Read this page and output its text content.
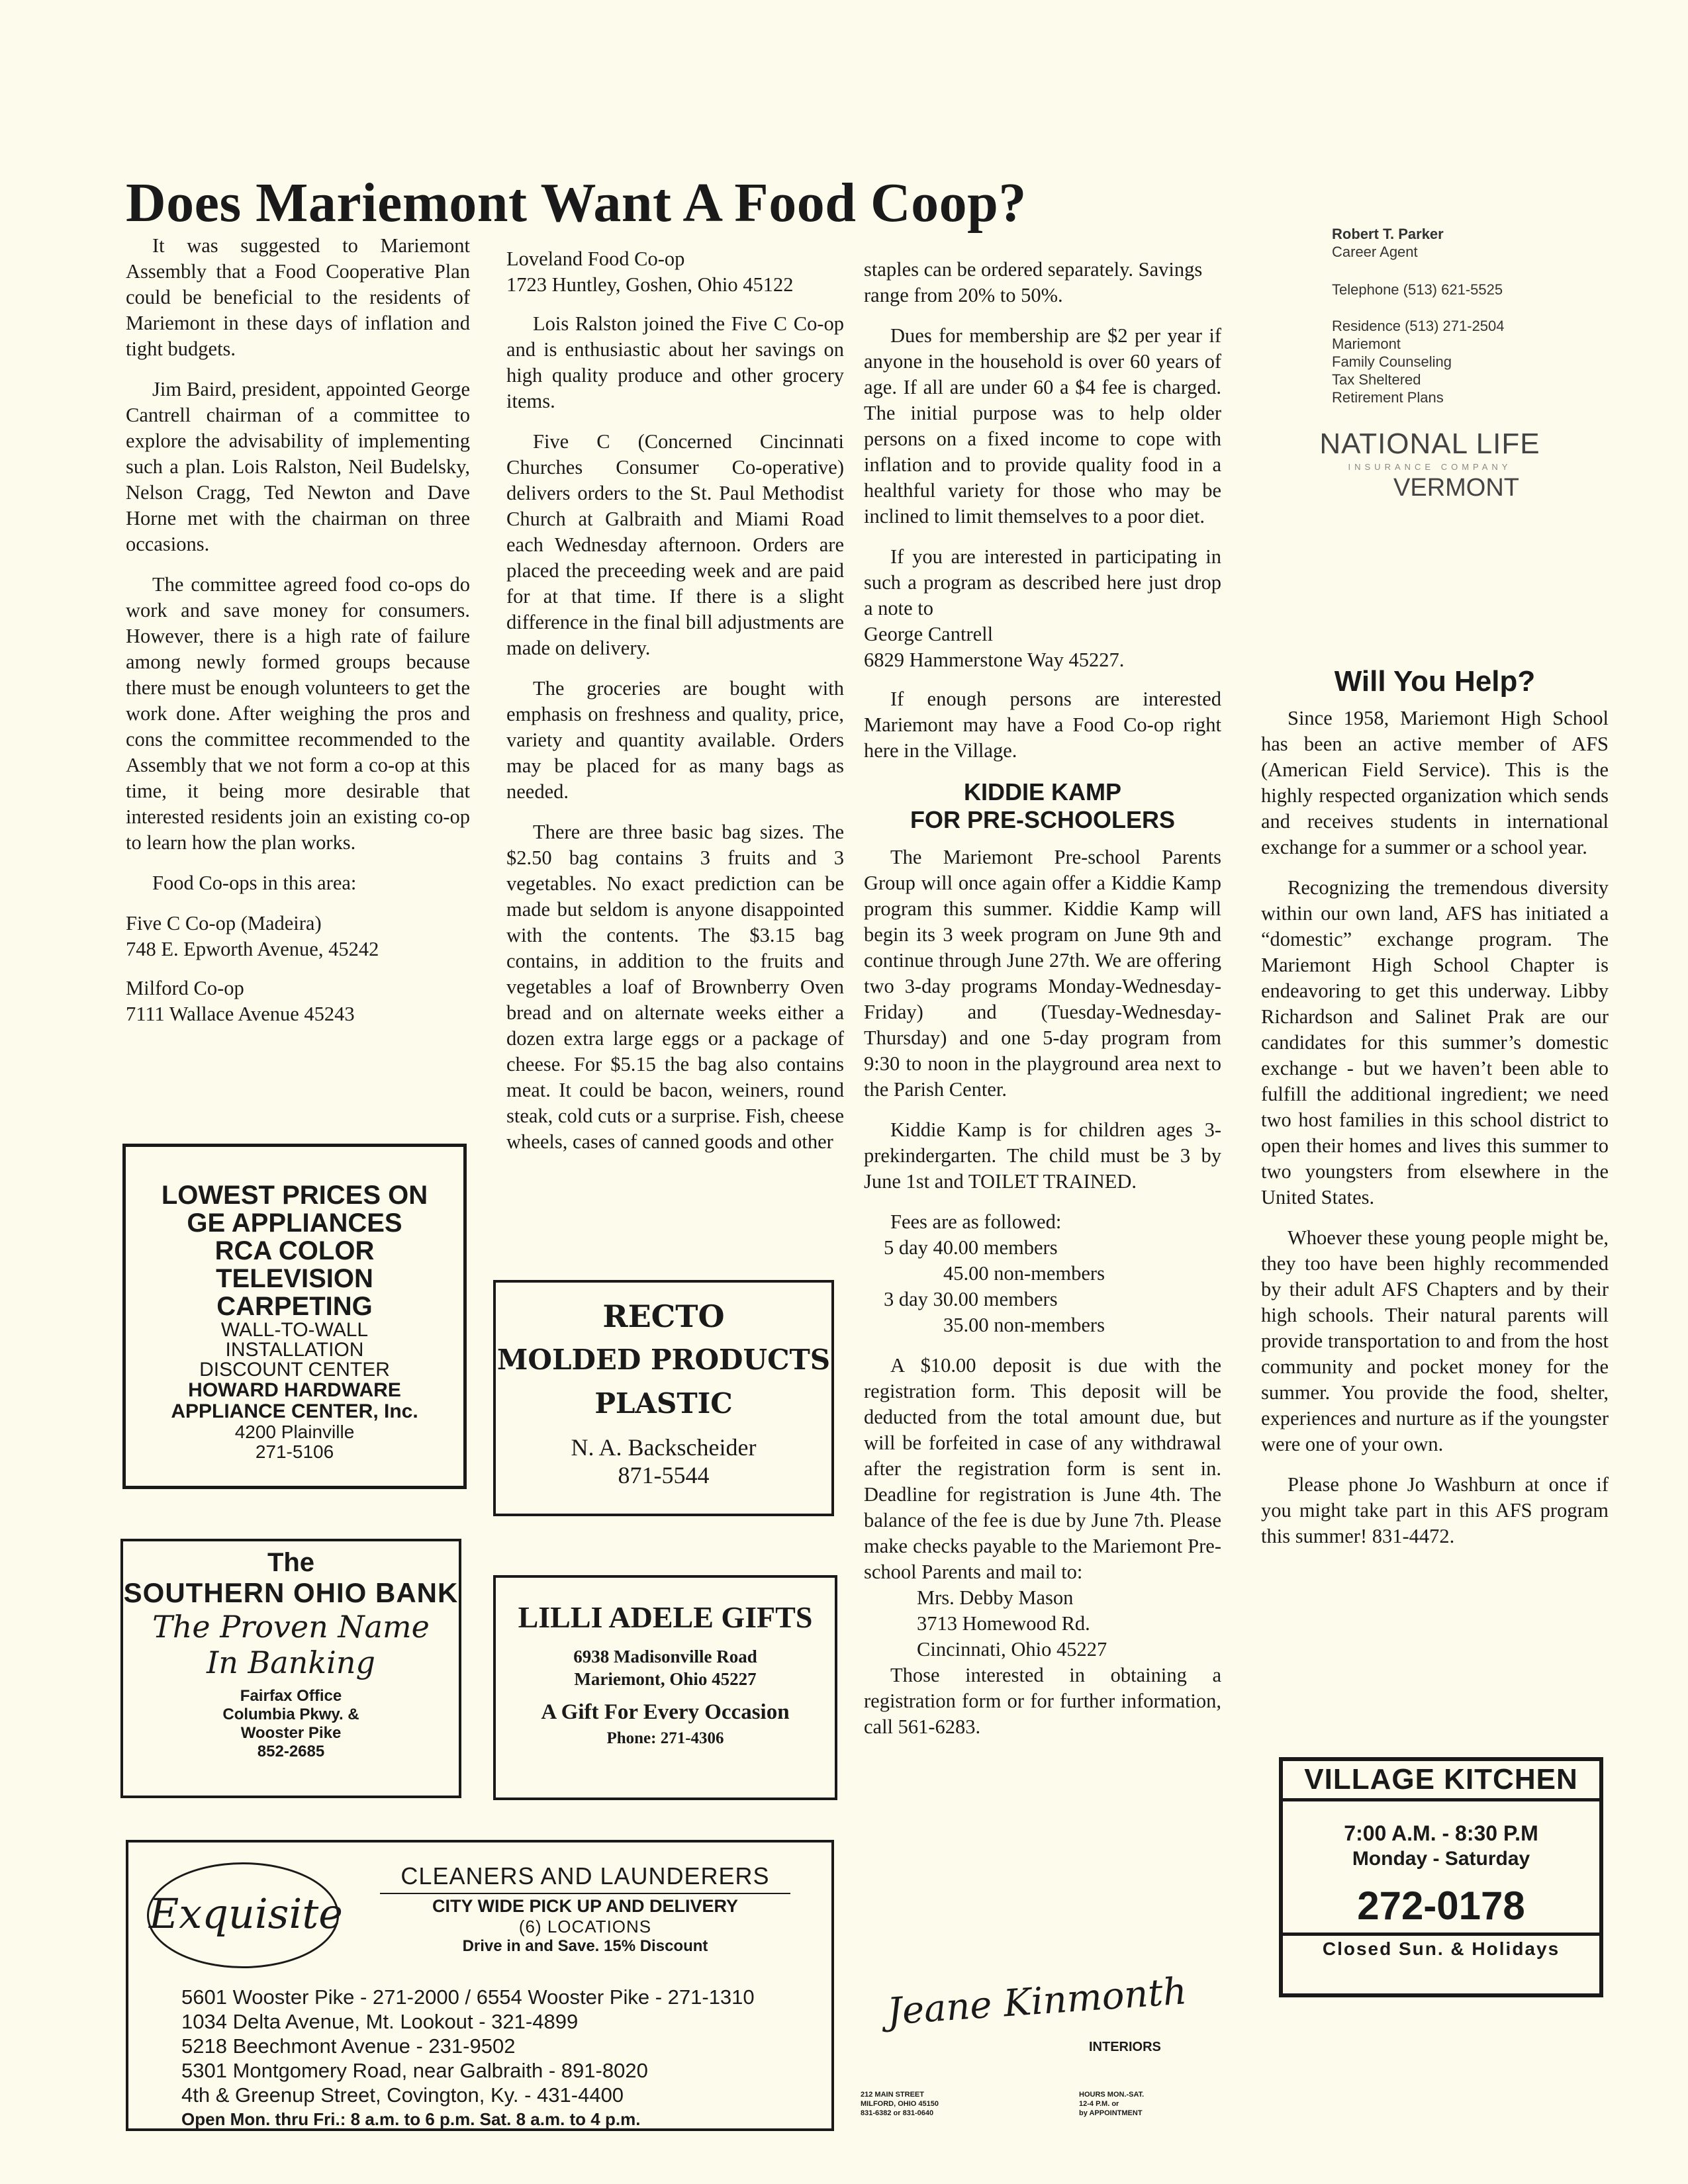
Does Mariemont Want A Food Coop?

It was suggested to Mariemont Assembly that a Food Cooperative Plan could be beneficial to the residents of Mariemont in these days of inflation and tight budgets.

Jim Baird, president, appointed George Cantrell chairman of a committee to explore the advisability of implementing such a plan. Lois Ralston, Neil Budelsky, Nelson Cragg, Ted Newton and Dave Horne met with the chairman on three occasions.

The committee agreed food co-ops do work and save money for consumers. However, there is a high rate of failure among newly formed groups because there must be enough volunteers to get the work done. After weighing the pros and cons the committee recommended to the Assembly that we not form a co-op at this time, it being more desirable that interested residents join an existing co-op to learn how the plan works.

Food Co-ops in this area:

Five C Co-op (Madeira)
748 E. Epworth Avenue, 45242
Milford Co-op
7111 Wallace Avenue 45243
LOWEST PRICES ON
GE APPLIANCES
RCA COLOR
TELEVISION
CARPETING
WALL-TO-WALL
INSTALLATION
DISCOUNT CENTER
HOWARD HARDWARE
APPLIANCE CENTER, Inc.
4200 Plainville
271-5106
The
SOUTHERN OHIO BANK
The Proven Name
In Banking
Fairfax Office
Columbia Pkwy. &
Wooster Pike
852-2685
Loveland Food Co-op
1723 Huntley, Goshen, Ohio 45122

Lois Ralston joined the Five C Co-op and is enthusiastic about her savings on high quality produce and other grocery items.

Five C (Concerned Cincinnati Churches Consumer Co-operative) delivers orders to the St. Paul Methodist Church at Galbraith and Miami Road each Wednesday afternoon. Orders are placed the preceeding week and are paid for at that time. If there is a slight difference in the final bill adjustments are made on delivery.

The groceries are bought with emphasis on freshness and quality, price, variety and quantity available. Orders may be placed for as many bags as needed.

There are three basic bag sizes. The $2.50 bag contains 3 fruits and 3 vegetables. No exact prediction can be made but seldom is anyone disappointed with the contents. The $3.15 bag contains, in addition to the fruits and vegetables a loaf of Brownberry Oven bread and on alternate weeks either a dozen extra large eggs or a package of cheese. For $5.15 the bag also contains meat. It could be bacon, weiners, round steak, cold cuts or a surprise. Fish, cheese wheels, cases of canned goods and other

RECTO
MOLDED PRODUCTS
PLASTIC
N. A. Backscheider
871-5544
LILLI ADELE GIFTS
6938 Madisonville Road
Mariemont, Ohio 45227
A Gift For Every Occasion
Phone: 271-4306
Exquisite
CLEANERS AND LAUNDERERS
CITY WIDE PICK UP AND DELIVERY
(6) LOCATIONS
Drive in and Save. 15% Discount
5601 Wooster Pike - 271-2000 / 6554 Wooster Pike - 271-1310
1034 Delta Avenue, Mt. Lookout - 321-4899
5218 Beechmont Avenue - 231-9502
5301 Montgomery Road, near Galbraith - 891-8020
4th & Greenup Street, Covington, Ky. - 431-4400
Open Mon. thru Fri.: 8 a.m. to 6 p.m. Sat. 8 a.m. to 4 p.m.

staples can be ordered separately. Savings range from 20% to 50%.

Dues for membership are $2 per year if anyone in the household is over 60 years of age. If all are under 60 a $4 fee is charged. The initial purpose was to help older persons on a fixed income to cope with inflation and to provide quality food in a healthful variety for those who may be inclined to limit themselves to a poor diet.

If you are interested in participating in such a program as described here just drop a note to

George Cantrell
6829 Hammerstone Way 45227.

If enough persons are interested Mariemont may have a Food Co-op right here in the Village.

KIDDIE KAMP
FOR PRE-SCHOOLERS

The Mariemont Pre-school Parents Group will once again offer a Kiddie Kamp program this summer. Kiddie Kamp will begin its 3 week program on June 9th and continue through June 27th. We are offering two 3-day programs Monday-Wednesday-Friday) and (Tuesday-Wednesday-Thursday) and one 5-day program from 9:30 to noon in the playground area next to the Parish Center.

Kiddie Kamp is for children ages 3-prekindergarten. The child must be 3 by June 1st and TOILET TRAINED.

Fees are as followed:
5 day 40.00 members
45.00 non-members
3 day 30.00 members
35.00 non-members

A $10.00 deposit is due with the registration form. This deposit will be deducted from the total amount due, but will be forfeited in case of any withdrawal after the registration form is sent in. Deadline for registration is June 4th. The balance of the fee is due by June 7th. Please make checks payable to the Mariemont Pre-school Parents and mail to:

Mrs. Debby Mason
3713 Homewood Rd.
Cincinnati, Ohio 45227

Those interested in obtaining a registration form or for further information, call 561-6283.

Jeane Kinmonth
INTERIORS
212 MAIN STREET
MILFORD, OHIO 45150
831-6382 or 831-0640
HOURS MON.-SAT.
12-4 P.M. or
by APPOINTMENT
Robert T. Parker
Career Agent
Telephone (513) 621-5525
Residence (513) 271-2504
Mariemont
Family Counseling
Tax Sheltered
Retirement Plans
NATIONAL LIFE
INSURANCE COMPANY
VERMONT
Will You Help?

Since 1958, Mariemont High School has been an active member of AFS (American Field Service). This is the highly respected organization which sends and receives students in international exchange for a summer or a school year.

Recognizing the tremendous diversity within our own land, AFS has initiated a “domestic” exchange program. The Mariemont High School Chapter is endeavoring to get this underway. Libby Richardson and Salinet Prak are our candidates for this summer’s domestic exchange - but we haven’t been able to fulfill the additional ingredient; we need two host families in this school district to open their homes and lives this summer to two youngsters from elsewhere in the United States.

Whoever these young people might be, they too have been highly recommended by their adult AFS Chapters and by their high schools. Their natural parents will provide transportation to and from the host community and pocket money for the summer. You provide the food, shelter, experiences and nurture as if the youngster were one of your own.

Please phone Jo Washburn at once if you might take part in this AFS program this summer! 831-4472.

VILLAGE KITCHEN
7:00 A.M. - 8:30 P.M
Monday - Saturday
272-0178
Closed Sun. & Holidays
